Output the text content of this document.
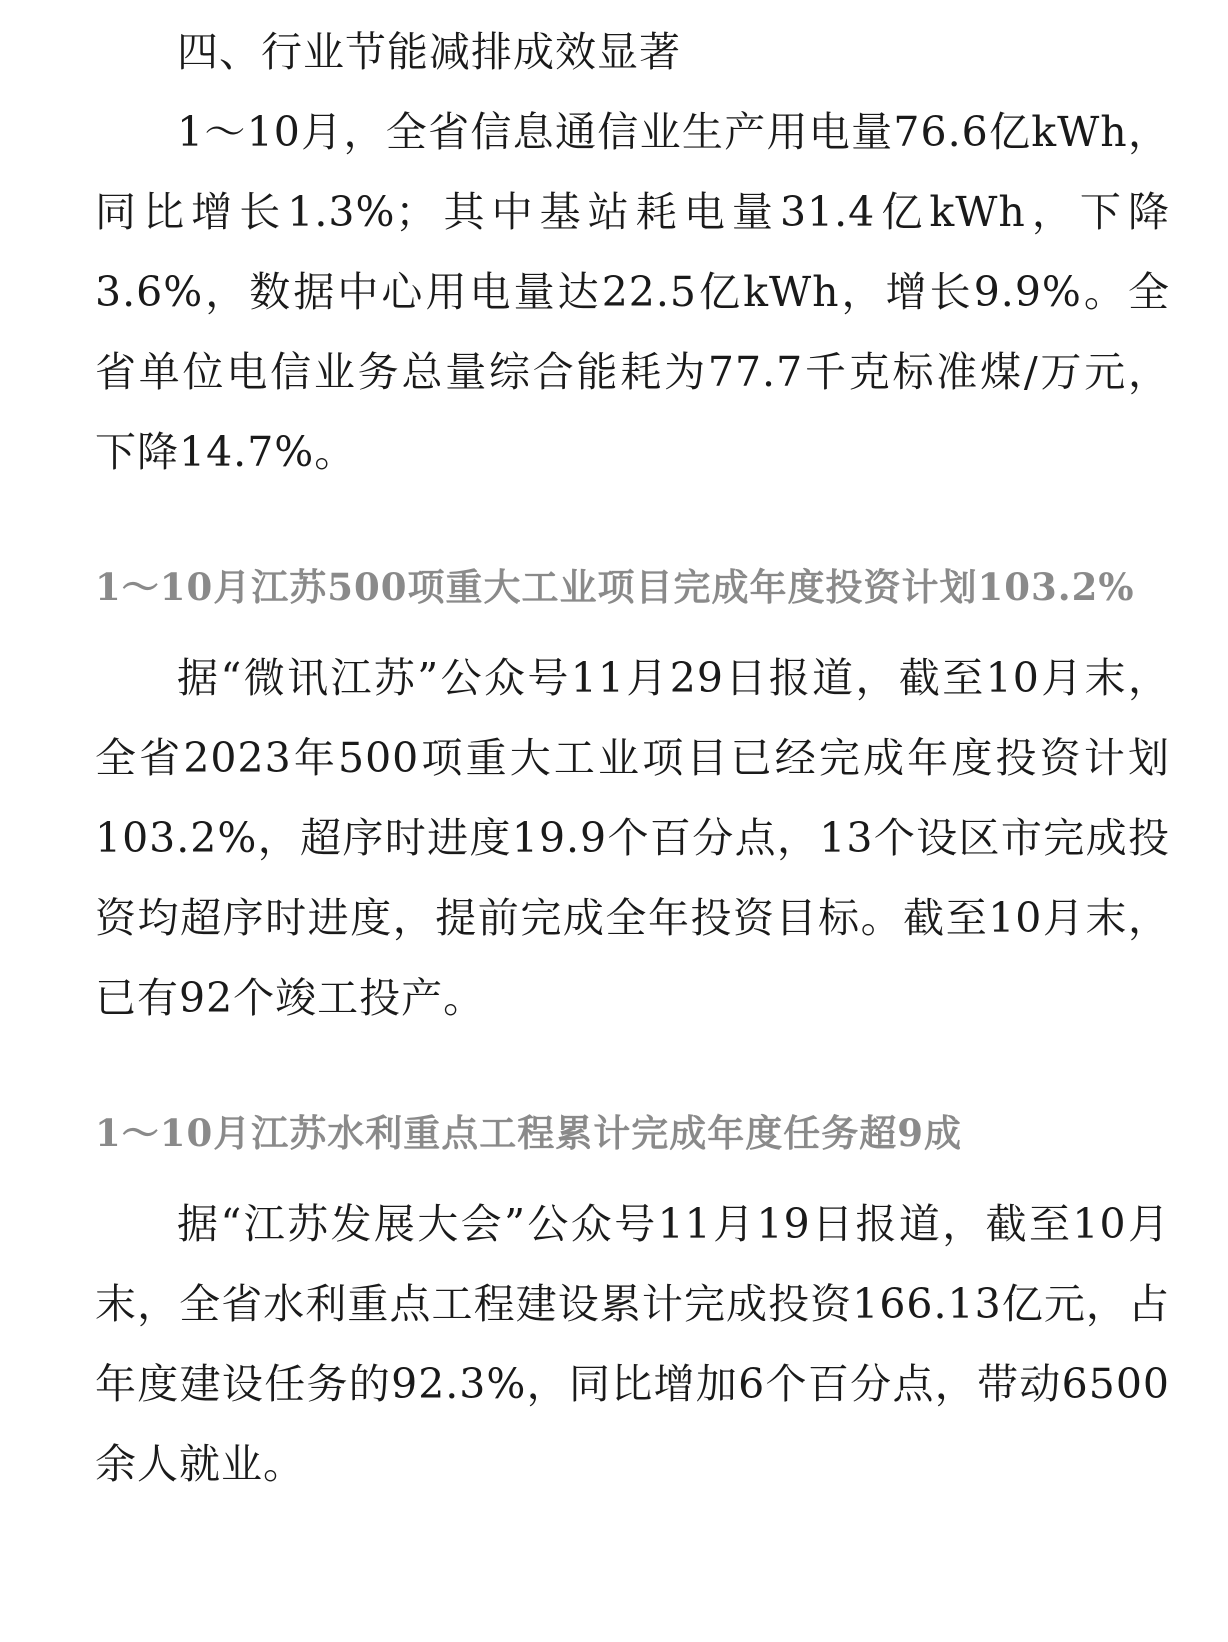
四、行业节能减排成效显著

1～10月，全省信息通信业生产用电量76.6亿kWh，同比增长1.3%；其中基站耗电量31.4亿kWh，下降3.6%，数据中心用电量达22.5亿kWh，增长9.9%。全省单位电信业务总量综合能耗为77.7千克标准煤/万元，下降14.7%。

1～10月江苏500项重大工业项目完成年度投资计划103.2%

据“微讯江苏”公众号11月29日报道，截至10月末，全省2023年500项重大工业项目已经完成年度投资计划103.2%，超序时进度19.9个百分点，13个设区市完成投资均超序时进度，提前完成全年投资目标。截至10月末，已有92个竣工投产。

1～10月江苏水利重点工程累计完成年度任务超9成

据“江苏发展大会”公众号11月19日报道，截至10月末，全省水利重点工程建设累计完成投资166.13亿元，占年度建设任务的92.3%，同比增加6个百分点，带动6500余人就业。
